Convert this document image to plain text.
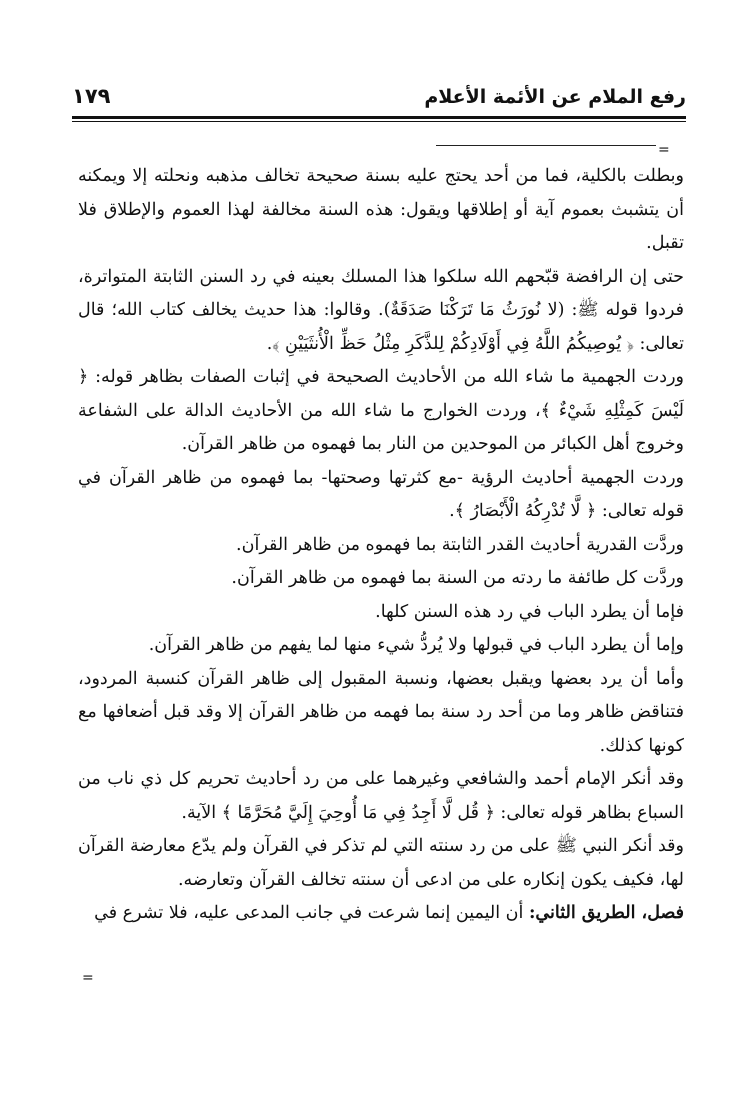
رفع الملام عن الأئمة الأعلام
١٧٩
=

وبطلت بالكلية، فما من أحد يحتج عليه بسنة صحيحة تخالف مذهبه ونحلته إلا ويمكنه أن يتشبث بعموم آية أو إطلاقها ويقول: هذه السنة مخالفة لهذا العموم والإطلاق فلا تقبل.

حتى إن الرافضة قبّحهم الله سلكوا هذا المسلك بعينه في رد السنن الثابتة المتواترة، فردوا قوله ﷺ: (لا نُورَثُ مَا تَرَكْنَا صَدَقَةٌ). وقالوا: هذا حديث يخالف كتاب الله؛ قال تعالى: ﴿ يُوصِيكُمُ اللَّهُ فِي أَوْلَادِكُمْ لِلذَّكَرِ مِثْلُ حَظِّ الْأُنثَيَيْنِ ﴾.

وردت الجهمية ما شاء الله من الأحاديث الصحيحة في إثبات الصفات بظاهر قوله: ﴿ لَيْسَ كَمِثْلِهِ شَيْءٌ ﴾، وردت الخوارج ما شاء الله من الأحاديث الدالة على الشفاعة وخروج أهل الكبائر من الموحدين من النار بما فهموه من ظاهر القرآن.

وردت الجهمية أحاديث الرؤية -مع كثرتها وصحتها- بما فهموه من ظاهر القرآن في قوله تعالى: ﴿ لَّا تُدْرِكُهُ الْأَبْصَارُ ﴾.

وردَّت القدرية أحاديث القدر الثابتة بما فهموه من ظاهر القرآن.

وردَّت كل طائفة ما ردته من السنة بما فهموه من ظاهر القرآن.

فإما أن يطرد الباب في رد هذه السنن كلها.

وإما أن يطرد الباب في قبولها ولا يُردُّ شيء منها لما يفهم من ظاهر القرآن.

وأما أن يرد بعضها ويقبل بعضها، ونسبة المقبول إلى ظاهر القرآن كنسبة المردود، فتناقض ظاهر وما من أحد رد سنة بما فهمه من ظاهر القرآن إلا وقد قبل أضعافها مع كونها كذلك.

وقد أنكر الإمام أحمد والشافعي وغيرهما على من رد أحاديث تحريم كل ذي ناب من السباع بظاهر قوله تعالى: ﴿ قُل لَّا أَجِدُ فِي مَا أُوحِيَ إِلَيَّ مُحَرَّمًا ﴾ الآية.

وقد أنكر النبي ﷺ على من رد سنته التي لم تذكر في القرآن ولم يدّع معارضة القرآن لها، فكيف يكون إنكاره على من ادعى أن سنته تخالف القرآن وتعارضه.

فصل، الطريق الثاني: أن اليمين إنما شرعت في جانب المدعى عليه، فلا تشرع في

=
